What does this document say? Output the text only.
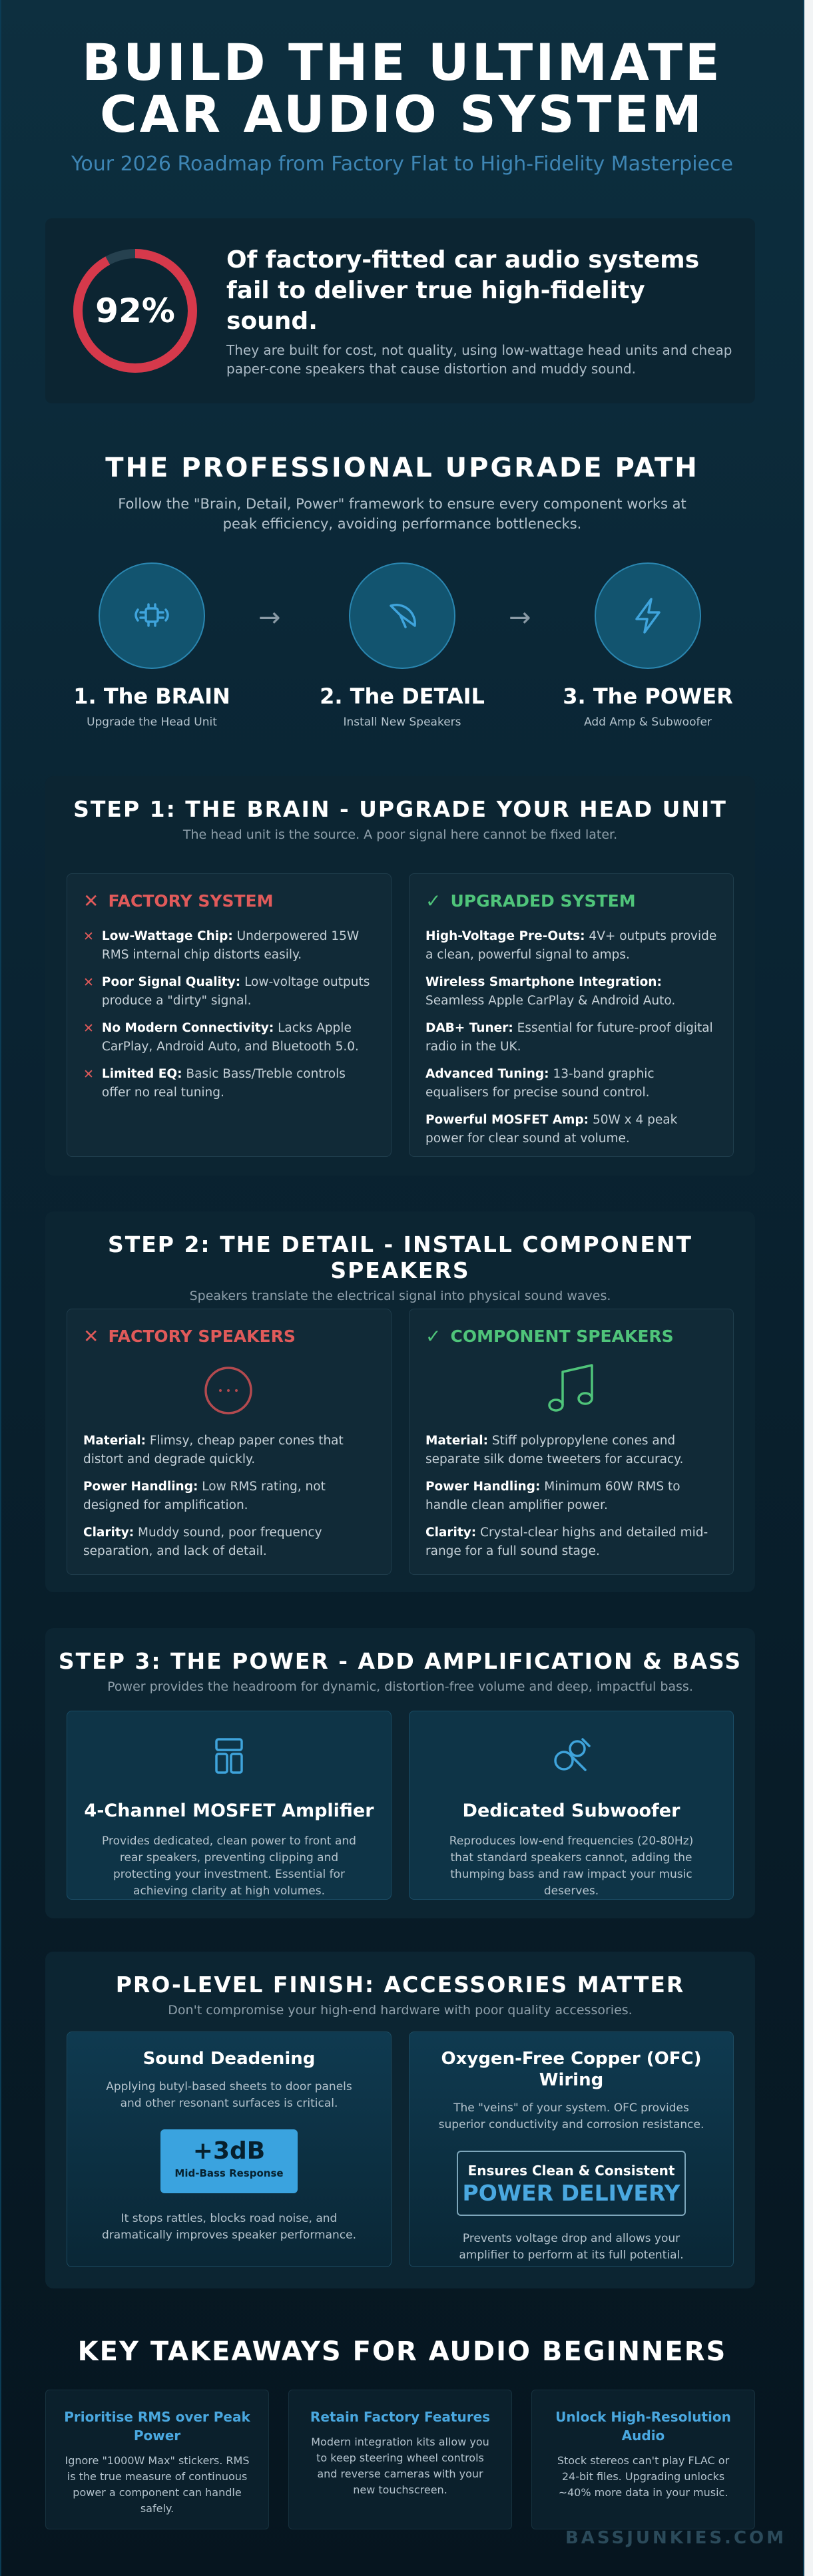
BUILD THE ULTIMATE
CAR AUDIO SYSTEM
Your 2026 Roadmap from Factory Flat to High-Fidelity Masterpiece
92%
Of factory-fitted car audio systems fail to deliver true high-fidelity sound.
They are built for cost, not quality, using low-wattage head units and cheap paper-cone speakers that cause distortion and muddy sound.
THE PROFESSIONAL UPGRADE PATH
Follow the "Brain, Detail, Power" framework to ensure every component works at peak efficiency, avoiding performance bottlenecks.
1. The BRAIN
Upgrade the Head Unit
→
2. The DETAIL
Install New Speakers
→
3. The POWER
Add Amp & Subwoofer
STEP 1: THE BRAIN - UPGRADE YOUR HEAD UNIT
The head unit is the source. A poor signal here cannot be fixed later.
✕ FACTORY SYSTEM
✕ Low-Wattage Chip: Underpowered 15W RMS internal chip distorts easily.
✕ Poor Signal Quality: Low-voltage outputs produce a "dirty" signal.
✕ No Modern Connectivity: Lacks Apple CarPlay, Android Auto, and Bluetooth 5.0.
✕ Limited EQ: Basic Bass/Treble controls offer no real tuning.
✓ UPGRADED SYSTEM
High-Voltage Pre-Outs: 4V+ outputs provide a clean, powerful signal to amps.
Wireless Smartphone Integration: Seamless Apple CarPlay & Android Auto.
DAB+ Tuner: Essential for future-proof digital radio in the UK.
Advanced Tuning: 13-band graphic equalisers for precise sound control.
Powerful MOSFET Amp: 50W x 4 peak power for clear sound at volume.
STEP 2: THE DETAIL - INSTALL COMPONENT SPEAKERS
Speakers translate the electrical signal into physical sound waves.
✕ FACTORY SPEAKERS
Material: Flimsy, cheap paper cones that distort and degrade quickly.
Power Handling: Low RMS rating, not designed for amplification.
Clarity: Muddy sound, poor frequency separation, and lack of detail.
✓ COMPONENT SPEAKERS
Material: Stiff polypropylene cones and separate silk dome tweeters for accuracy.
Power Handling: Minimum 60W RMS to handle clean amplifier power.
Clarity: Crystal-clear highs and detailed mid-range for a full sound stage.
STEP 3: THE POWER - ADD AMPLIFICATION & BASS
Power provides the headroom for dynamic, distortion-free volume and deep, impactful bass.
4-Channel MOSFET Amplifier
Provides dedicated, clean power to front and rear speakers, preventing clipping and protecting your investment. Essential for achieving clarity at high volumes.
Dedicated Subwoofer
Reproduces low-end frequencies (20-80Hz) that standard speakers cannot, adding the thumping bass and raw impact your music deserves.
PRO-LEVEL FINISH: ACCESSORIES MATTER
Don't compromise your high-end hardware with poor quality accessories.
Sound Deadening
Applying butyl-based sheets to door panels and other resonant surfaces is critical.
+3dB
Mid-Bass Response
It stops rattles, blocks road noise, and dramatically improves speaker performance.
Oxygen-Free Copper (OFC) Wiring
The "veins" of your system. OFC provides superior conductivity and corrosion resistance.
Ensures Clean & Consistent
POWER DELIVERY
Prevents voltage drop and allows your amplifier to perform at its full potential.
KEY TAKEAWAYS FOR AUDIO BEGINNERS
Prioritise RMS over Peak Power
Ignore "1000W Max" stickers. RMS is the true measure of continuous power a component can handle safely.
Retain Factory Features
Modern integration kits allow you to keep steering wheel controls and reverse cameras with your new touchscreen.
Unlock High-Resolution Audio
Stock stereos can't play FLAC or 24-bit files. Upgrading unlocks ~40% more data in your music.
BASSJUNKIES.COM
